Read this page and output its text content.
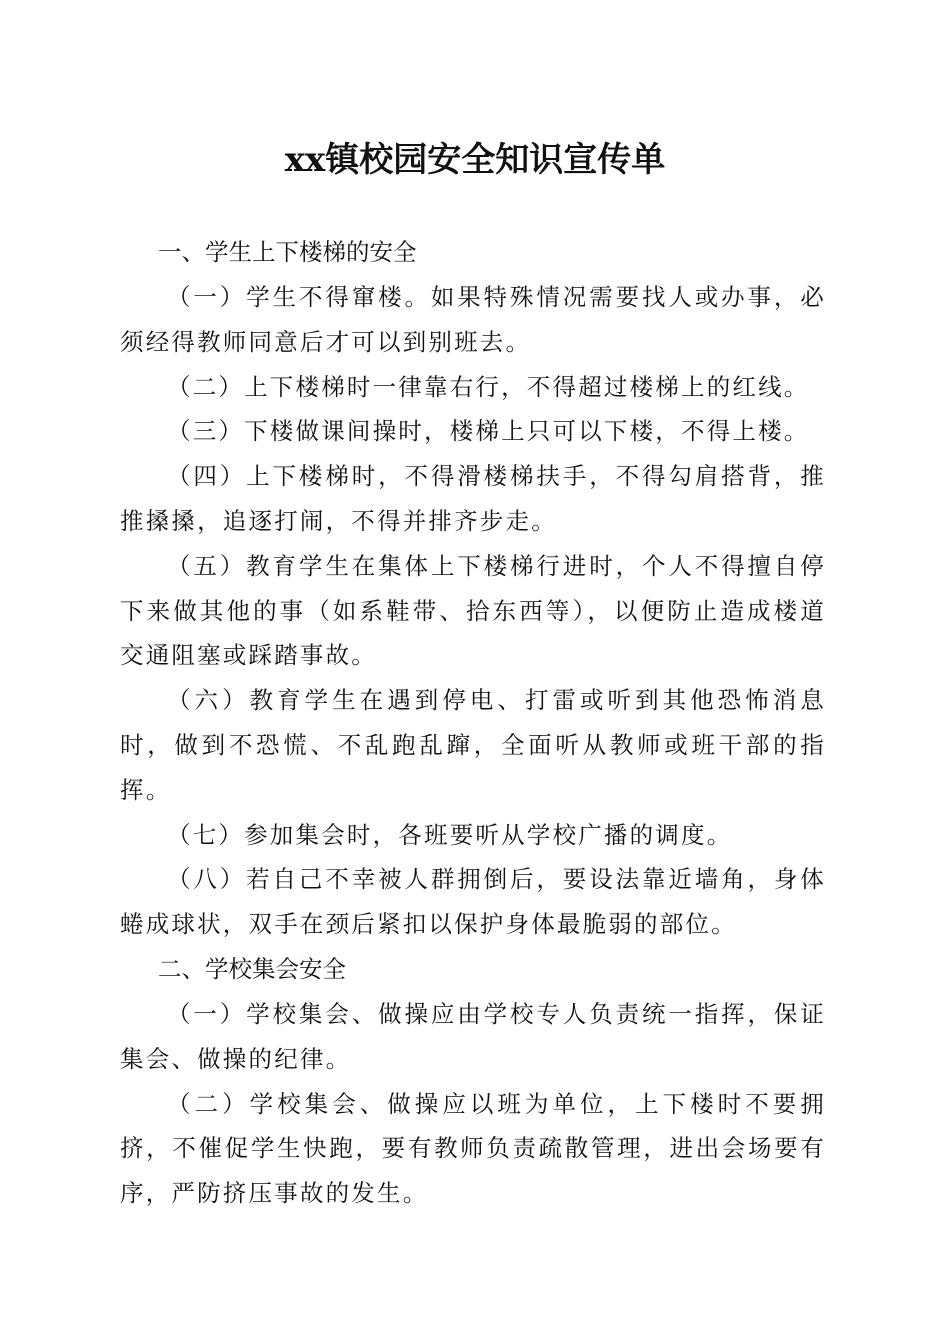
xx镇校园安全知识宣传单

一、学生上下楼梯的安全

（一）学生不得窜楼。如果特殊情况需要找人或办事，必须经得教师同意后才可以到别班去。

（二）上下楼梯时一律靠右行，不得超过楼梯上的红线。

（三）下楼做课间操时，楼梯上只可以下楼，不得上楼。

（四）上下楼梯时，不得滑楼梯扶手，不得勾肩搭背，推推搡搡，追逐打闹，不得并排齐步走。

（五）教育学生在集体上下楼梯行进时，个人不得擅自停下来做其他的事（如系鞋带、拾东西等），以便防止造成楼道交通阻塞或踩踏事故。

（六）教育学生在遇到停电、打雷或听到其他恐怖消息时，做到不恐慌、不乱跑乱蹿，全面听从教师或班干部的指挥。

（七）参加集会时，各班要听从学校广播的调度。

（八）若自己不幸被人群拥倒后，要设法靠近墙角，身体蜷成球状，双手在颈后紧扣以保护身体最脆弱的部位。

二、学校集会安全

（一）学校集会、做操应由学校专人负责统一指挥，保证集会、做操的纪律。

（二）学校集会、做操应以班为单位，上下楼时不要拥挤，不催促学生快跑，要有教师负责疏散管理，进出会场要有序，严防挤压事故的发生。
